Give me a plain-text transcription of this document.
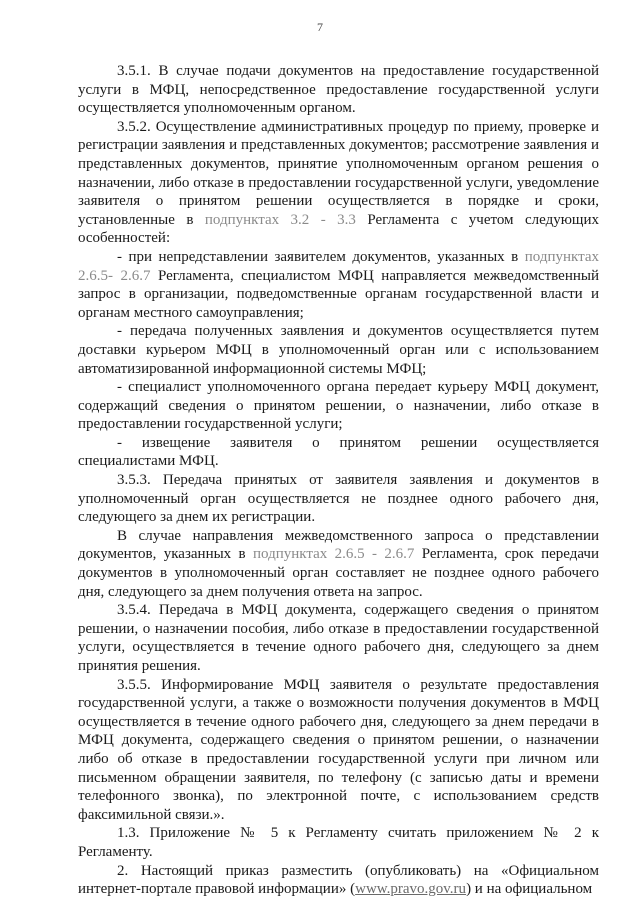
7

3.5.1. В случае подачи документов на предоставление государственной услуги в МФЦ, непосредственное предоставление государственной услуги осуществляется уполномоченным органом.

3.5.2. Осуществление административных процедур по приему, проверке и регистрации заявления и представленных документов; рассмотрение заявления и представленных документов, принятие уполномоченным органом решения о назначении, либо отказе в предоставлении государственной услуги, уведомление заявителя о принятом решении осуществляется в порядке и сроки, установленные в подпунктах 3.2 - 3.3 Регламента с учетом следующих особенностей:

- при непредставлении заявителем документов, указанных в подпунктах 2.6.5- 2.6.7 Регламента, специалистом МФЦ направляется межведомственный запрос в организации, подведомственные органам государственной власти и органам местного самоуправления;

- передача полученных заявления и документов осуществляется путем доставки курьером МФЦ в уполномоченный орган или с использованием автоматизированной информационной системы МФЦ;

- специалист уполномоченного органа передает курьеру МФЦ документ, содержащий сведения о принятом решении, о назначении, либо отказе в предоставлении государственной услуги;

- извещение заявителя о принятом решении осуществляется специалистами МФЦ.

3.5.3. Передача принятых от заявителя заявления и документов в уполномоченный орган осуществляется не позднее одного рабочего дня, следующего за днем их регистрации.

В случае направления межведомственного запроса о представлении документов, указанных в подпунктах 2.6.5 - 2.6.7 Регламента, срок передачи документов в уполномоченный орган составляет не позднее одного рабочего дня, следующего за днем получения ответа на запрос.

3.5.4. Передача в МФЦ документа, содержащего сведения о принятом решении, о назначении пособия, либо отказе в предоставлении государственной услуги, осуществляется в течение одного рабочего дня, следующего за днем принятия решения.

3.5.5. Информирование МФЦ заявителя о результате предоставления государственной услуги, а также о возможности получения документов в МФЦ осуществляется в течение одного рабочего дня, следующего за днем передачи в МФЦ документа, содержащего сведения о принятом решении, о назначении либо об отказе в предоставлении государственной услуги при личном или письменном обращении заявителя, по телефону (с записью даты и времени телефонного звонка), по электронной почте, с использованием средств факсимильной связи.».

1.3. Приложение № 5 к Регламенту считать приложением № 2 к Регламенту.

2. Настоящий приказ разместить (опубликовать) на «Официальном интернет-портале правовой информации» (www.pravo.gov.ru) и на официальном
